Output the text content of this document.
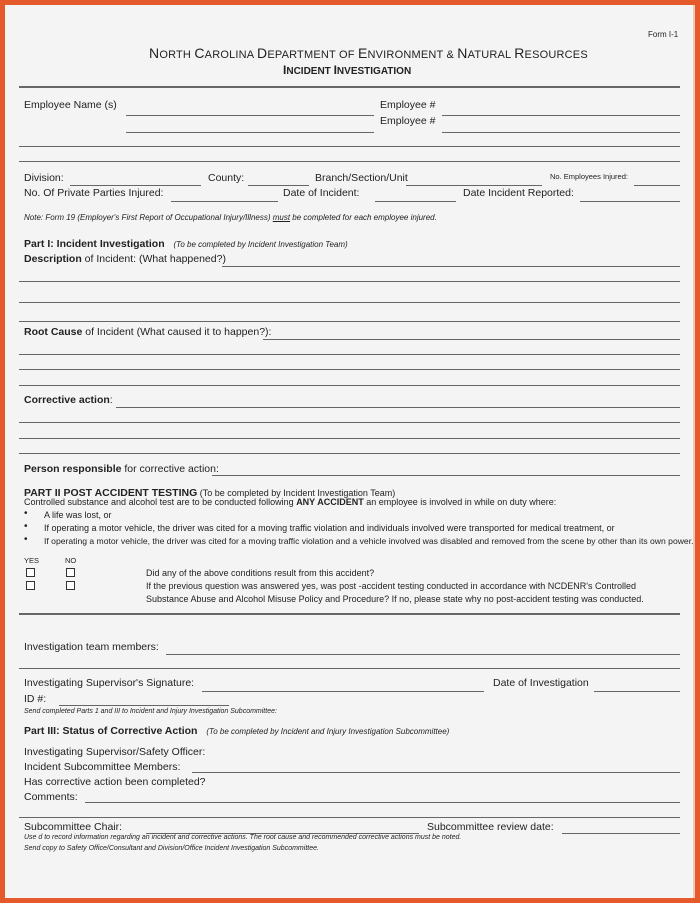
Form I-1
NORTH CAROLINA DEPARTMENT OF ENVIRONMENT & NATURAL RESOURCES
INCIDENT INVESTIGATION
Employee Name (s)	Employee #
Employee #
Division:	County:	Branch/Section/Unit	No. Employees Injured:
No. Of Private Parties Injured:	Date of Incident:	Date Incident Reported:
Note: Form 19 (Employer's First Report of Occupational Injury/Illness) must be completed for each employee injured.
Part I: Incident Investigation (To be completed by Incident Investigation Team)
Description of Incident: (What happened?)
Root Cause of Incident (What caused it to happen?):
Corrective action:
Person responsible for corrective action:
PART II POST ACCIDENT TESTING (To be completed by Incident Investigation Team)
Controlled substance and alcohol test are to be conducted following ANY ACCIDENT an employee is involved in while on duty where:
• A life was lost, or
• If operating a motor vehicle, the driver was cited for a moving traffic violation and individuals involved were transported for medical treatment, or
• If operating a motor vehicle, the driver was cited for a moving traffic violation and a vehicle involved was disabled and removed from the scene by other than its own power.
YES	NO
Did any of the above conditions result from this accident?
If the previous question was answered yes, was post -accident testing conducted in accordance with NCDENR's Controlled
Substance Abuse and Alcohol Misuse Policy and Procedure? If no, please state why no post-accident testing was conducted.
Investigation team members:
Investigating Supervisor's Signature:	Date of Investigation
ID #:
Send completed Parts 1 and III to Incident and Injury Investigation Subcommittee:
Part III: Status of Corrective Action (To be completed by Incident and Injury Investigation Subcommittee)
Investigating Supervisor/Safety Officer:
Incident Subcommittee Members:
Has corrective action been completed?
Comments:
Subcommittee Chair:	Subcommittee review date:
Use d to record information regarding an incident and corrective actions. The root cause and recommended corrective actions must be noted.
Send copy to Safety Office/Consultant and Division/Office Incident Investigation Subcommittee.
